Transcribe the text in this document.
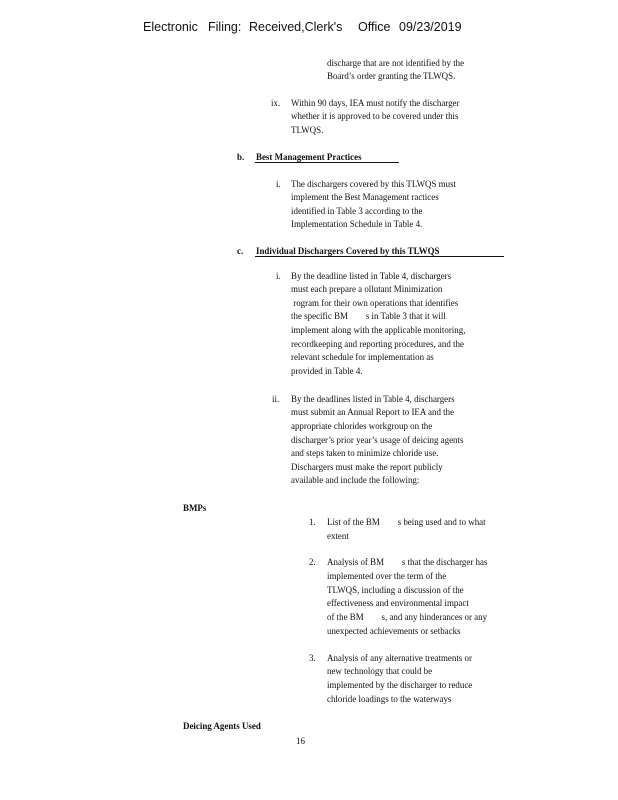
Electronic Filing: Received,Clerk's Office 09/23/2019
discharge that are not identified by the
Board’s order granting the TLWQS.
ix. Within 90 days, IEA must notify the discharger
whether it is approved to be covered under this
TLWQS.
b. Best Management Practices
i. The dischargers covered by this TLWQS must
implement the Best Management ractices
identified in Table 3 according to the
Implementation Schedule in Table 4.
c. Individual Dischargers Covered by this TLWQS
i. By the deadline listed in Table 4, dischargers
must each prepare a ollutant Minimization
rogram for their own operations that identifies
the specific BM        s in Table 3 that it will
implement along with the applicable monitoring,
recordkeeping and reporting procedures, and the
relevant schedule for implementation as
provided in Table 4.
ii. By the deadlines listed in Table 4, dischargers
must submit an Annual Report to IEA and the
appropriate chlorides workgroup on the
discharger’s prior year’s usage of deicing agents
and steps taken to minimize chloride use.
Dischargers must make the report publicly
available and include the following:
BMPs
1. List of the BM        s being used and to what
extent
2. Analysis of BM        s that the discharger has
implemented over the term of the
TLWQS, including a discussion of the
effectiveness and environmental impact
of the BM        s, and any hinderances or any
unexpected achievements or setbacks
3. Analysis of any alternative treatments or
new technology that could be
implemented by the discharger to reduce
chloride loadings to the waterways
Deicing Agents Used
16
